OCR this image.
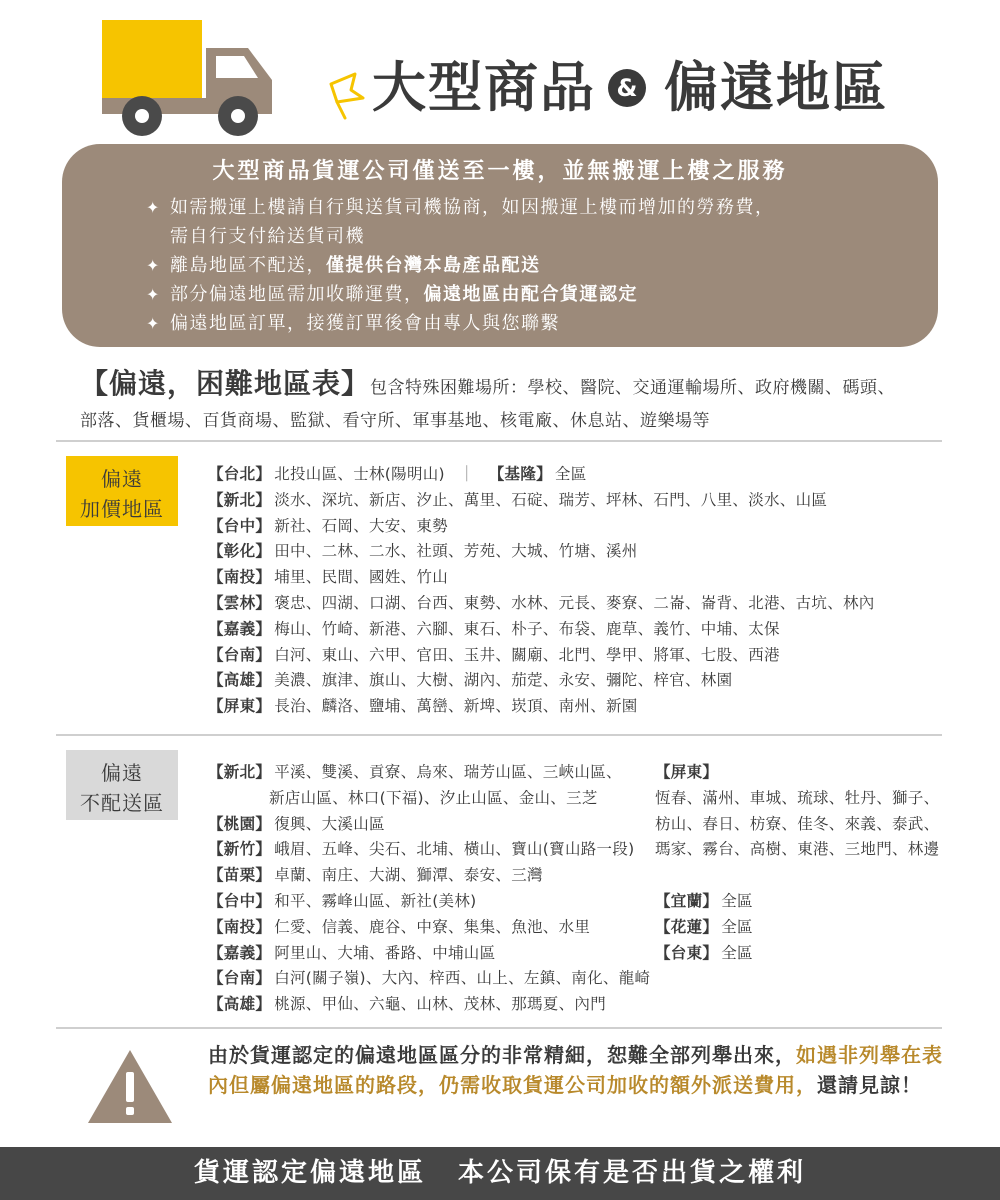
大型商品 & 偏遠地區
大型商品貨運公司僅送至一樓，並無搬運上樓之服務
✦ 如需搬運上樓請自行與送貨司機協商，如因搬運上樓而增加的勞務費，
需自行支付給送貨司機
✦ 離島地區不配送，僅提供台灣本島產品配送
✦ 部分偏遠地區需加收聯運費，偏遠地區由配合貨運認定
✦ 偏遠地區訂單，接獲訂單後會由專人與您聯繫
【偏遠，困難地區表】包含特殊困難場所：學校、醫院、交通運輸場所、政府機關、碼頭、
部落、貨櫃場、百貨商場、監獄、看守所、軍事基地、核電廠、休息站、遊樂場等
偏遠
加價地區
【台北】 北投山區、士林(陽明山) ｜ 【基隆】 全區
【新北】 淡水、深坑、新店、汐止、萬里、石碇、瑞芳、坪林、石門、八里、淡水、山區
【台中】 新社、石岡、大安、東勢
【彰化】 田中、二林、二水、社頭、芳苑、大城、竹塘、溪州
【南投】 埔里、民間、國姓、竹山
【雲林】 褒忠、四湖、口湖、台西、東勢、水林、元長、麥寮、二崙、崙背、北港、古坑、林內
【嘉義】 梅山、竹崎、新港、六腳、東石、朴子、布袋、鹿草、義竹、中埔、太保
【台南】 白河、東山、六甲、官田、玉井、關廟、北門、學甲、將軍、七股、西港
【高雄】 美濃、旗津、旗山、大樹、湖內、茄萣、永安、彌陀、梓官、林園
【屏東】 長治、麟洛、鹽埔、萬巒、新埤、崁頂、南州、新園
偏遠
不配送區
【新北】 平溪、雙溪、貢寮、烏來、瑞芳山區、三峽山區、
新店山區、林口(下福)、汐止山區、金山、三芝
【桃園】 復興、大溪山區
【新竹】 峨眉、五峰、尖石、北埔、橫山、寶山(寶山路一段)
【苗栗】 卓蘭、南庄、大湖、獅潭、泰安、三灣
【台中】 和平、霧峰山區、新社(美林)
【南投】 仁愛、信義、鹿谷、中寮、集集、魚池、水里
【嘉義】 阿里山、大埔、番路、中埔山區
【台南】 白河(關子嶺)、大內、梓西、山上、左鎮、南化、龍崎
【高雄】 桃源、甲仙、六龜、山林、茂林、那瑪夏、內門
【屏東】
恆春、滿州、車城、琉球、牡丹、獅子、
枋山、春日、枋寮、佳冬、來義、泰武、
瑪家、霧台、高樹、東港、三地門、林邊

【宜蘭】 全區
【花蓮】 全區
【台東】 全區
由於貨運認定的偏遠地區區分的非常精細，恕難全部列舉出來，如遇非列舉在表內但屬偏遠地區的路段，仍需收取貨運公司加收的額外派送費用，還請見諒！
貨運認定偏遠地區 本公司保有是否出貨之權利
